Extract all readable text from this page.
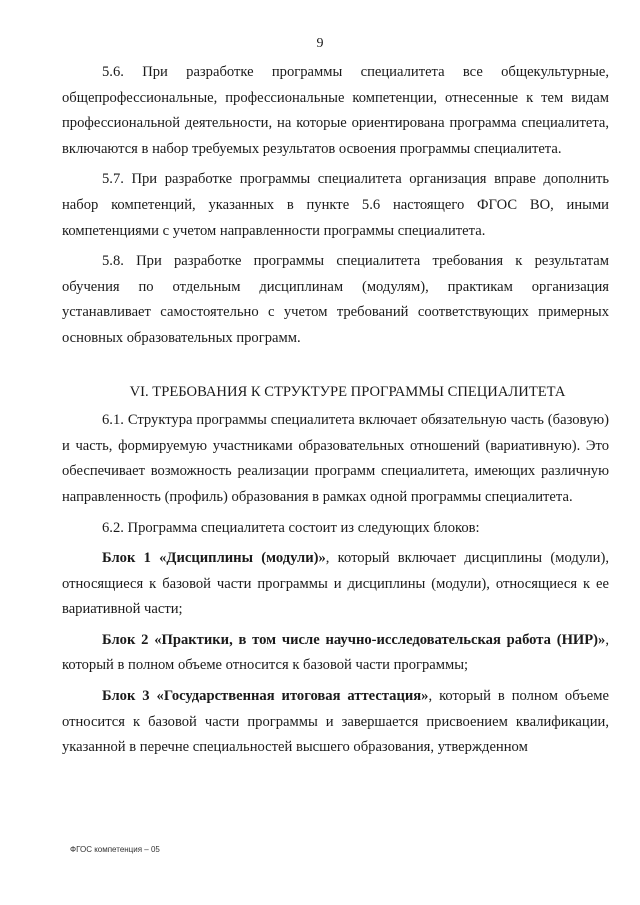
9

5.6. При разработке программы специалитета все общекультурные, общепрофессиональные, профессиональные компетенции, отнесенные к тем видам профессиональной деятельности, на которые ориентирована программа специалитета, включаются в набор требуемых результатов освоения программы специалитета.

5.7. При разработке программы специалитета организация вправе дополнить набор компетенций, указанных в пункте 5.6 настоящего ФГОС ВО, иными компетенциями с учетом направленности программы специалитета.

5.8. При разработке программы специалитета требования к результатам обучения по отдельным дисциплинам (модулям), практикам организация устанавливает самостоятельно с учетом требований соответствующих примерных основных образовательных программ.

VI. ТРЕБОВАНИЯ К СТРУКТУРЕ ПРОГРАММЫ СПЕЦИАЛИТЕТА

6.1. Структура программы специалитета включает обязательную часть (базовую) и часть, формируемую участниками образовательных отношений (вариативную). Это обеспечивает возможность реализации программ специалитета, имеющих различную направленность (профиль) образования в рамках одной программы специалитета.

6.2. Программа специалитета состоит из следующих блоков:

Блок 1 «Дисциплины (модули)», который включает дисциплины (модули), относящиеся к базовой части программы и дисциплины (модули), относящиеся к ее вариативной части;

Блок 2 «Практики, в том числе научно-исследовательская работа (НИР)», который в полном объеме относится к базовой части программы;

Блок 3 «Государственная итоговая аттестация», который в полном объеме относится к базовой части программы и завершается присвоением квалификации, указанной в перечне специальностей высшего образования, утвержденном

ФГОС компетенция – 05
